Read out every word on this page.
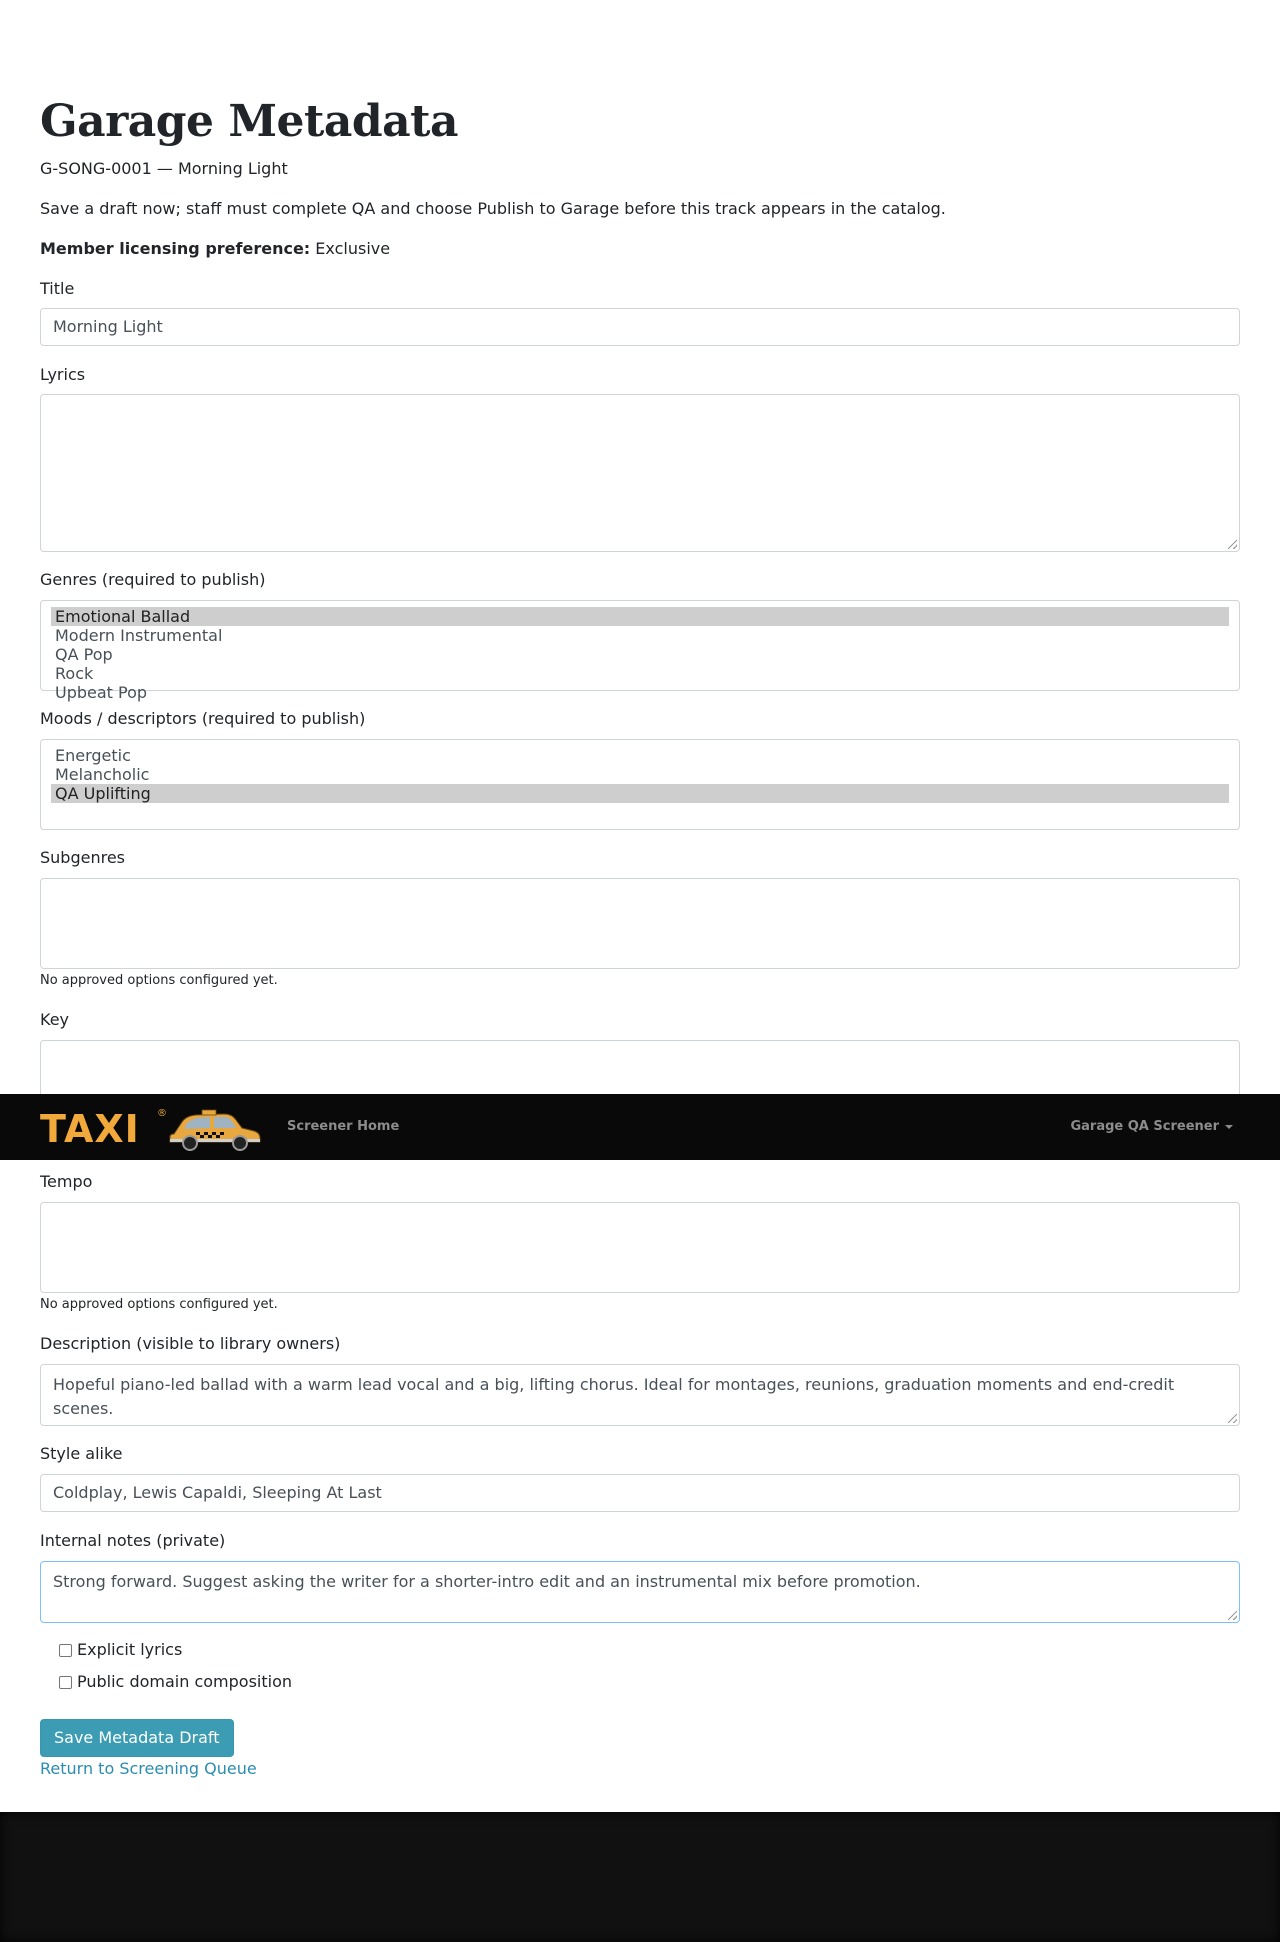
Garage Metadata
G-SONG-0001 — Morning Light
Save a draft now; staff must complete QA and choose Publish to Garage before this track appears in the catalog.
Member licensing preference: Exclusive
Title
Morning Light
Lyrics
Genres (required to publish)
Emotional Ballad
Modern Instrumental
QA Pop
Rock
Upbeat Pop
Moods / descriptors (required to publish)
Energetic
Melancholic
QA Uplifting
Subgenres
No approved options configured yet.
Key
Tempo
No approved options configured yet.
Description (visible to library owners)
Hopeful piano-led ballad with a warm lead vocal and a big, lifting chorus. Ideal for montages, reunions, graduation moments and end-credit scenes.
Style alike
Coldplay, Lewis Capaldi, Sleeping At Last
Internal notes (private)
Strong forward. Suggest asking the writer for a shorter-intro edit and an instrumental mix before promotion.
Explicit lyrics
Public domain composition
Save Metadata Draft
Return to Screening Queue
TAXI ®
Screener Home	Garage QA Screener
